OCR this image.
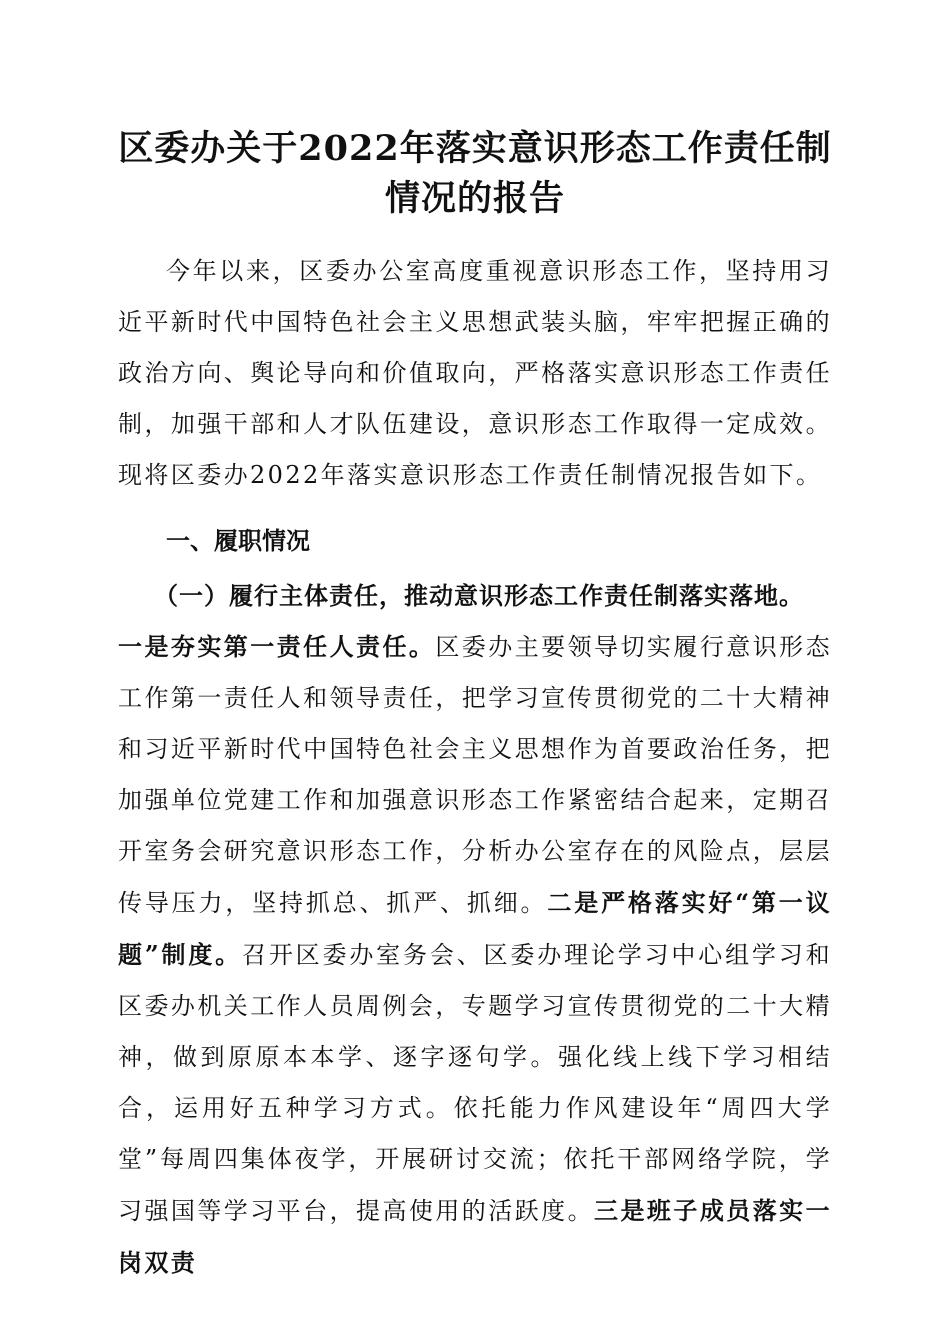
区委办关于2022年落实意识形态工作责任制
情况的报告

今年以来，区委办公室高度重视意识形态工作，坚持用习近平新时代中国特色社会主义思想武装头脑，牢牢把握正确的政治方向、舆论导向和价值取向，严格落实意识形态工作责任制，加强干部和人才队伍建设，意识形态工作取得一定成效。现将区委办2022年落实意识形态工作责任制情况报告如下。

一、履职情况

（一）履行主体责任，推动意识形态工作责任制落实落地。

一是夯实第一责任人责任。区委办主要领导切实履行意识形态工作第一责任人和领导责任，把学习宣传贯彻党的二十大精神和习近平新时代中国特色社会主义思想作为首要政治任务，把加强单位党建工作和加强意识形态工作紧密结合起来，定期召开室务会研究意识形态工作，分析办公室存在的风险点，层层传导压力，坚持抓总、抓严、抓细。二是严格落实好“第一议题”制度。召开区委办室务会、区委办理论学习中心组学习和区委办机关工作人员周例会，专题学习宣传贯彻党的二十大精神，做到原原本本学、逐字逐句学。强化线上线下学习相结合，运用好五种学习方式。依托能力作风建设年“周四大学堂”每周四集体夜学，开展研讨交流；依托干部网络学院，学习强国等学习平台，提高使用的活跃度。三是班子成员落实一岗双责
